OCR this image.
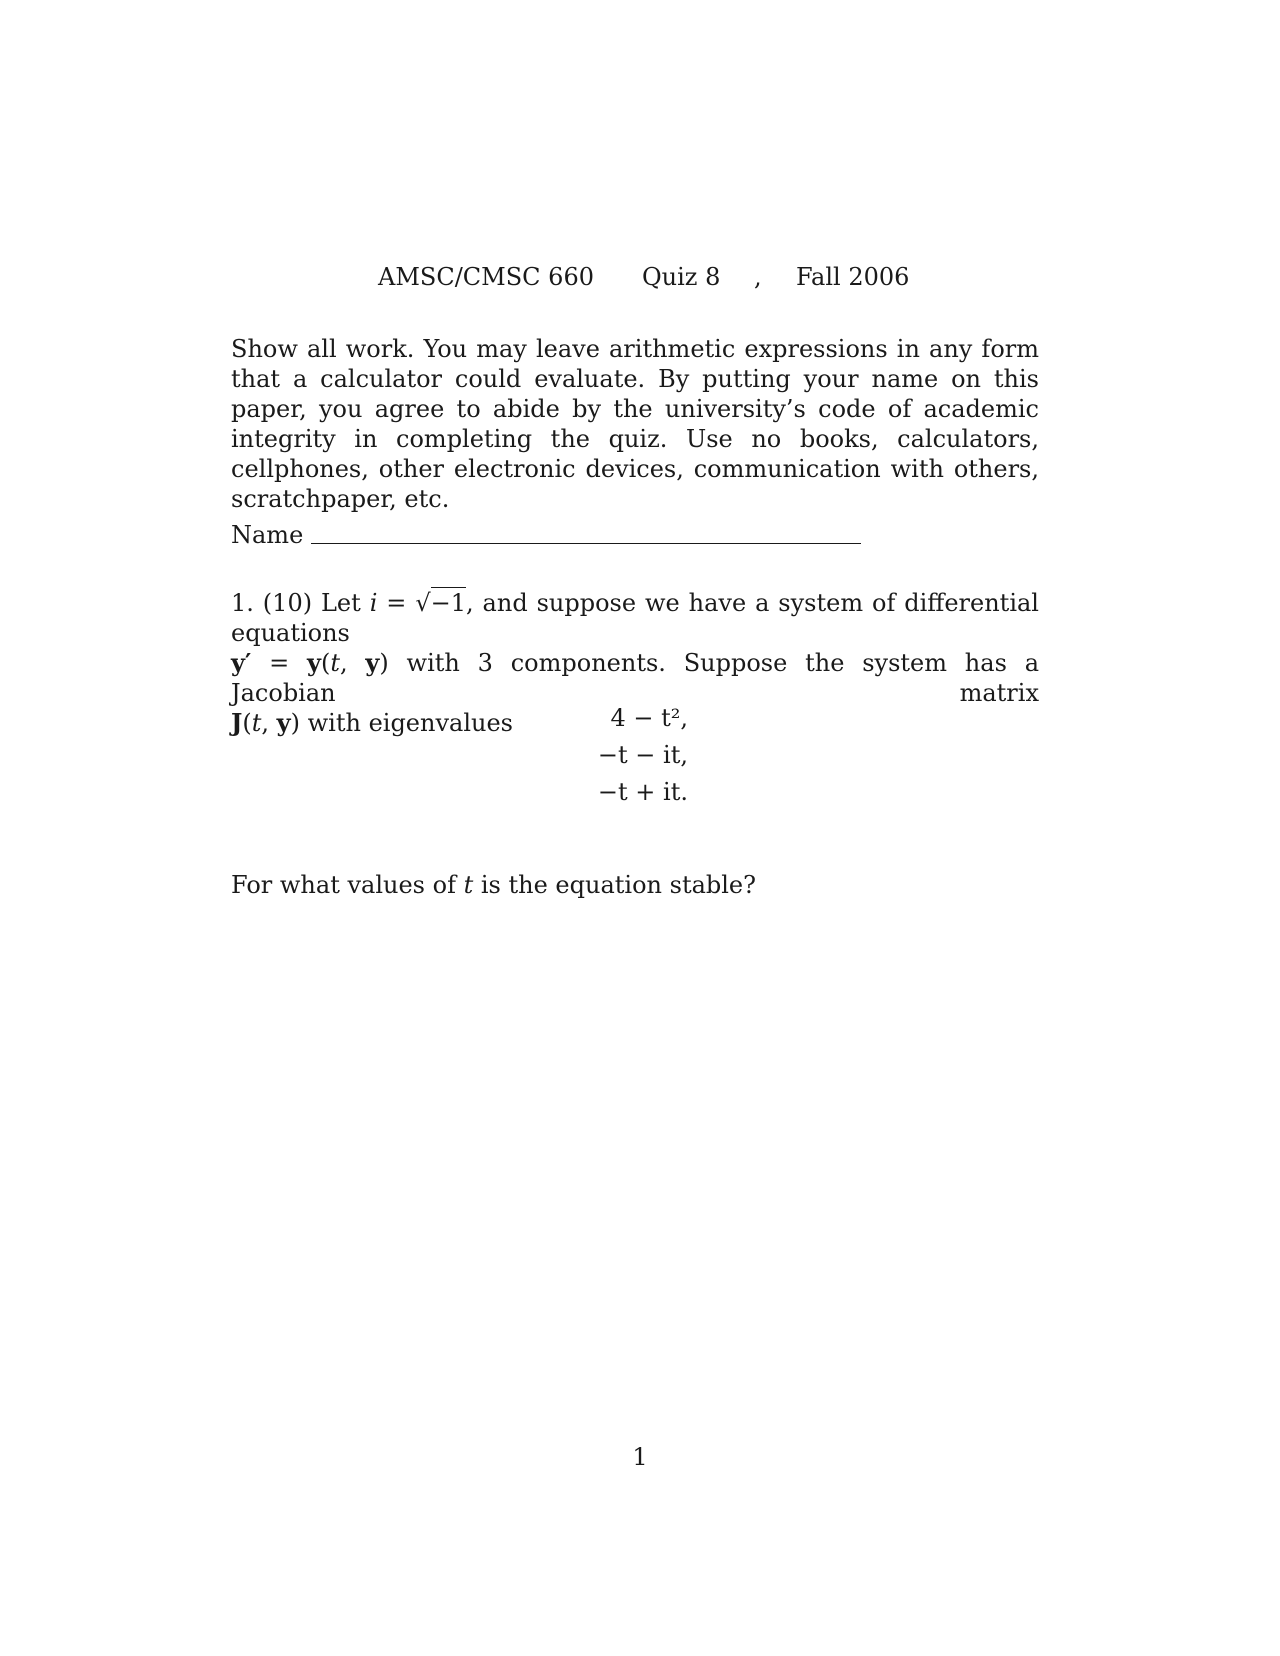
AMSC/CMSC 660 Quiz 8 , Fall 2006
Show all work. You may leave arithmetic expressions in any form that a calculator could evaluate. By putting your name on this paper, you agree to abide by the university’s code of academic integrity in completing the quiz. Use no books, calculators, cellphones, other electronic devices, communication with others, scratchpaper, etc.
Name
1. (10) Let i = √−1, and suppose we have a system of differential equations
y′ = y(t, y) with 3 components. Suppose the system has a Jacobian matrix
J(t, y) with eigenvalues	4 − t²,
−t − it,
−t + it.
For what values of t is the equation stable?
1
